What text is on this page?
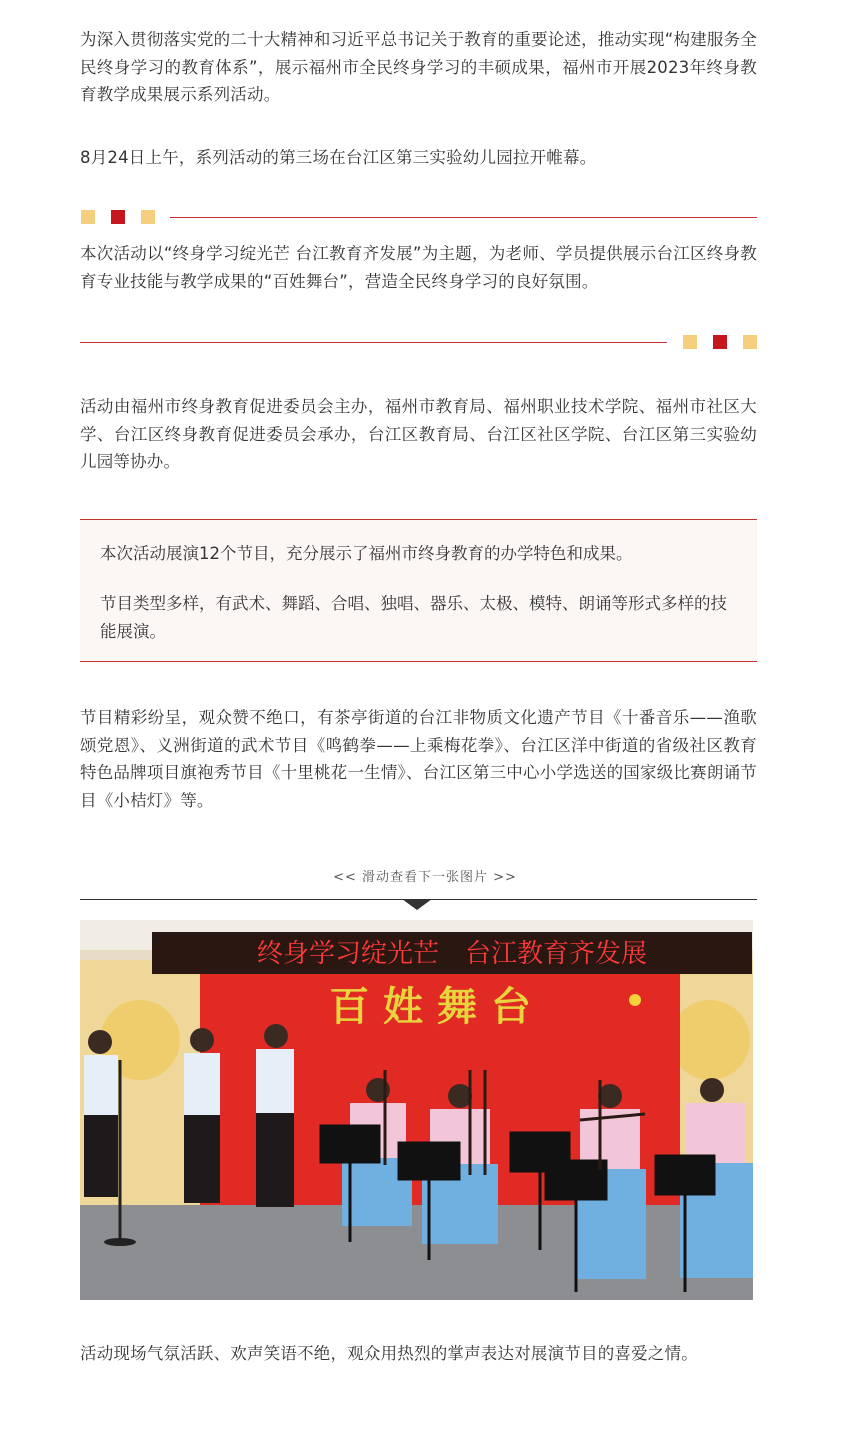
为深入贯彻落实党的二十大精神和习近平总书记关于教育的重要论述，推动实现“构建服务全民终身学习的教育体系”，展示福州市全民终身学习的丰硕成果，福州市开展2023年终身教育教学成果展示系列活动。

8月24日上午，系列活动的第三场在台江区第三实验幼儿园拉开帷幕。

本次活动以“终身学习绽光芒 台江教育齐发展”为主题，为老师、学员提供展示台江区终身教育专业技能与教学成果的“百姓舞台”，营造全民终身学习的良好氛围。

活动由福州市终身教育促进委员会主办，福州市教育局、福州职业技术学院、福州市社区大学、台江区终身教育促进委员会承办，台江区教育局、台江区社区学院、台江区第三实验幼儿园等协办。

本次活动展演12个节目，充分展示了福州市终身教育的办学特色和成果。

节目类型多样，有武术、舞蹈、合唱、独唱、器乐、太极、模特、朗诵等形式多样的技能展演。

节目精彩纷呈，观众赞不绝口，有茶亭街道的台江非物质文化遗产节目《十番音乐——渔歌颂党恩》、义洲街道的武术节目《鸣鹤拳——上乘梅花拳》、台江区洋中街道的省级社区教育特色品牌项目旗袍秀节目《十里桃花一生情》、台江区第三中心小学选送的国家级比赛朗诵节目《小桔灯》等。

<< 滑动查看下一张图片 >>
终身学习绽光芒　台江教育齐发展
百 姓 舞 台

活动现场气氛活跃、欢声笑语不绝，观众用热烈的掌声表达对展演节目的喜爱之情。
